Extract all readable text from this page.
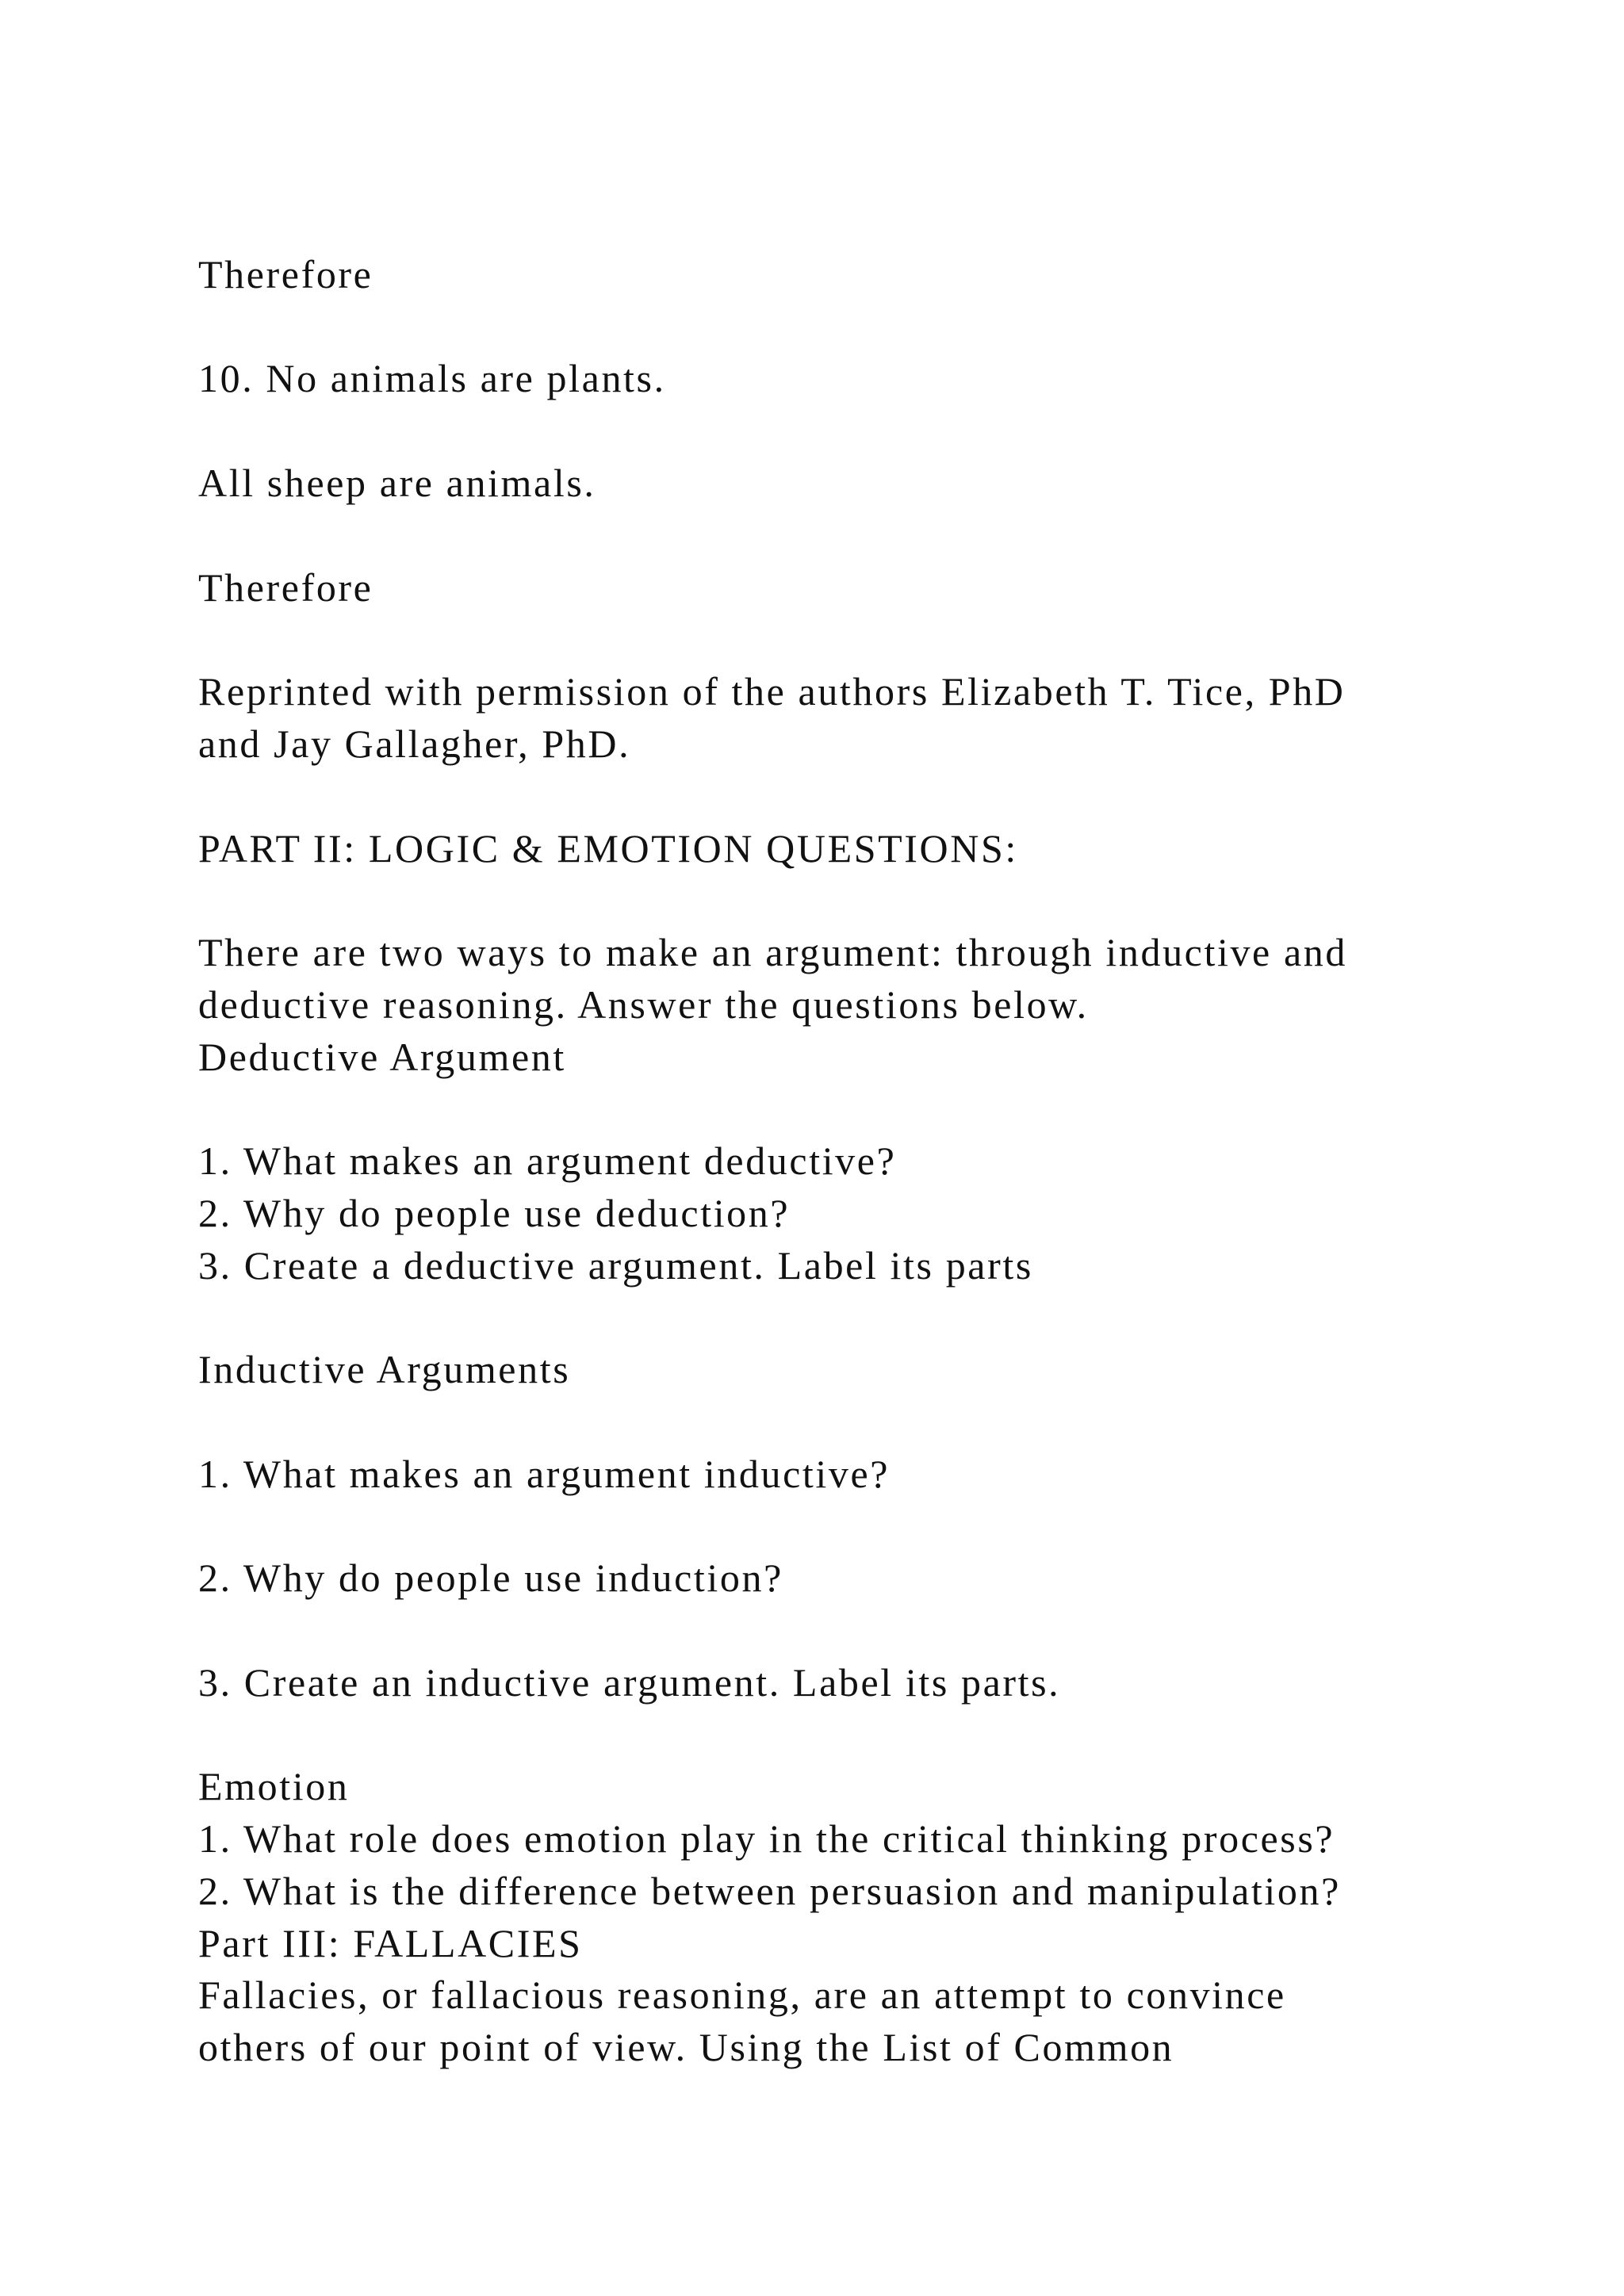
Therefore

10. No animals are plants.

All sheep are animals.

Therefore

Reprinted with permission of the authors Elizabeth T. Tice, PhD

and Jay Gallagher, PhD.

PART II: LOGIC & EMOTION QUESTIONS:

There are two ways to make an argument: through inductive and

deductive reasoning. Answer the questions below.

Deductive Argument

1. What makes an argument deductive?

2. Why do people use deduction?

3. Create a deductive argument. Label its parts

Inductive Arguments

1. What makes an argument inductive?

2. Why do people use induction?

3. Create an inductive argument. Label its parts.

Emotion

1. What role does emotion play in the critical thinking process?

2. What is the difference between persuasion and manipulation?

Part III: FALLACIES

Fallacies, or fallacious reasoning, are an attempt to convince

others of our point of view. Using the List of Common
